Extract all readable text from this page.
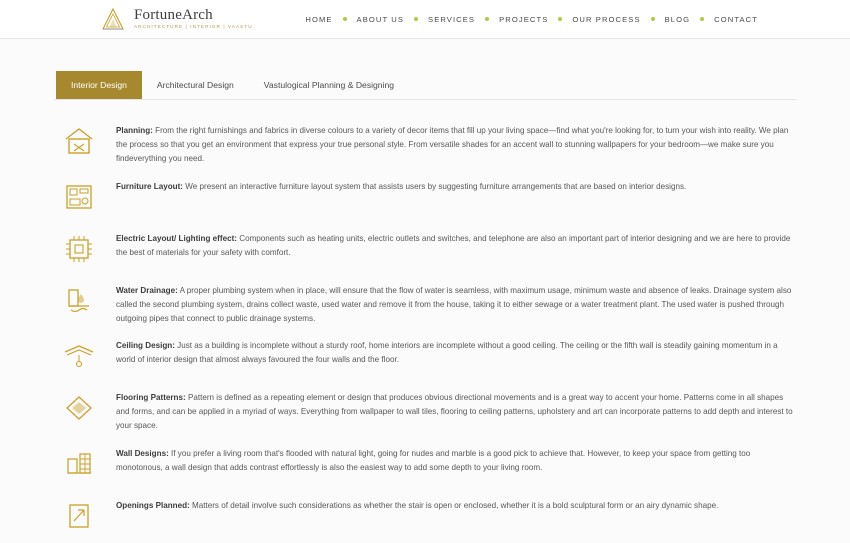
FortuneArch
ARCHITECTURE | INTERIOR | VAASTU
HOME	ABOUT US	SERVICES	PROJECTS	OUR PROCESS	BLOG	CONTACT
Interior Design	Architectural Design	Vastulogical Planning & Designing
Planning: From the right furnishings and fabrics in diverse colours to a variety of decor items that fill up your living space—find what you're looking for, to turn your wish into reality. We plan the process so that you get an environment that express your true personal style. From versatile shades for an accent wall to stunning wallpapers for your bedroom—we make sure you findeverything you need.
Furniture Layout: We present an interactive furniture layout system that assists users by suggesting furniture arrangements that are based on interior designs.
Electric Layout/ Lighting effect: Components such as heating units, electric outlets and switches, and telephone are also an important part of interior designing and we are here to provide the best of materials for your safety with comfort.
Water Drainage: A proper plumbing system when in place, will ensure that the flow of water is seamless, with maximum usage, minimum waste and absence of leaks. Drainage system also called the second plumbing system, drains collect waste, used water and remove it from the house, taking it to either sewage or a water treatment plant. The used water is pushed through outgoing pipes that connect to public drainage systems.
Ceiling Design: Just as a building is incomplete without a sturdy roof, home interiors are incomplete without a good ceiling. The ceiling or the fifth wall is steadily gaining momentum in a world of interior design that almost always favoured the four walls and the floor.
Flooring Patterns: Pattern is defined as a repeating element or design that produces obvious directional movements and is a great way to accent your home. Patterns come in all shapes and forms, and can be applied in a myriad of ways. Everything from wallpaper to wall tiles, flooring to ceiling patterns, upholstery and art can incorporate patterns to add depth and interest to your space.
Wall Designs: If you prefer a living room that's flooded with natural light, going for nudes and marble is a good pick to achieve that. However, to keep your space from getting too monotonous, a wall design that adds contrast effortlessly is also the easiest way to add some depth to your living room.
Openings Planned: Matters of detail involve such considerations as whether the stair is open or enclosed, whether it is a bold sculptural form or an airy dynamic shape.
